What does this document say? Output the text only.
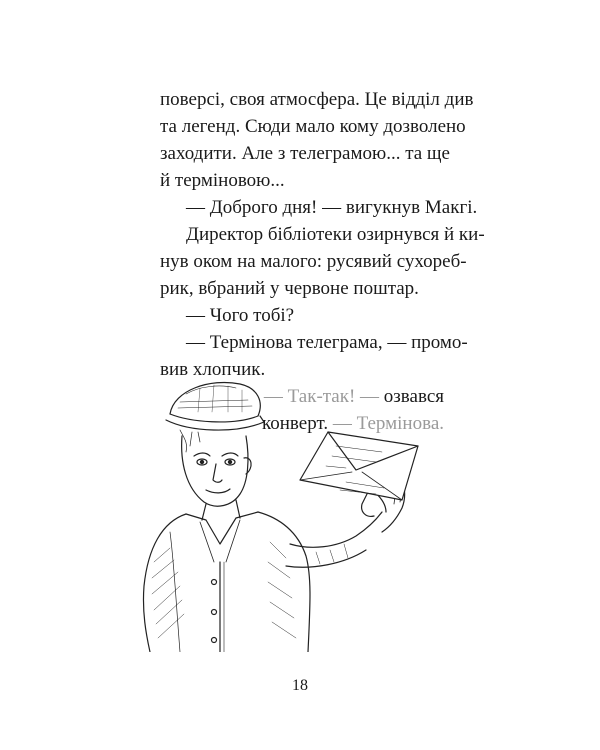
поверсі, своя атмосфера. Це відділ див
та легенд. Сюди мало кому дозволено
заходити. Але з телеграмою... та ще
й терміновою...
— Доброго дня! — вигукнув Макгі.
Директор бібліотеки озирнувся й ки-
нув оком на малого: русявий сухореб-
рик, вбраний у червоне поштар.
— Чого тобі?
— Термінова телеграма, — промо-
вив хлопчик.
— Так-так! — озвався
конверт. — Термінова.
18
